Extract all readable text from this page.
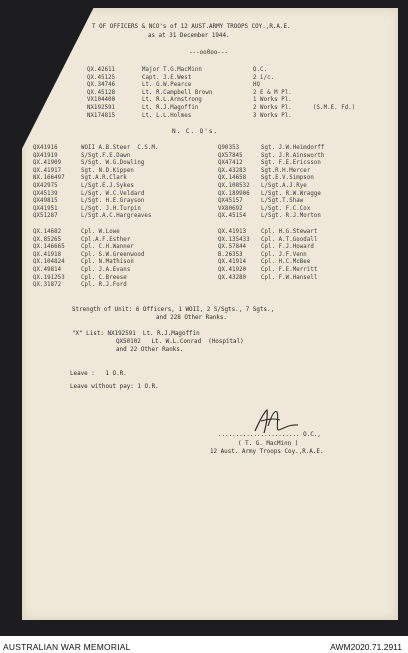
T OF OFFICERS & NCO's of 12 AUST.ARMY TROOPS COY.,R.A.E.
as at 31 December 1944.
---oo0oo---
QX.42611	Major T.G.MacMinn	O.C.
QX.45125	Capt. J.E.West	2 i/c.
QX.34746	Lt. G.W.Pearce	HQ
QX.45128	Lt. R.Campbell Brown	2 E & M Pl.
VX104400	Lt. R.L.Armstrong	1 Works Pl.
NX192591	Lt. R.J.Magoffin	2 Works Pl.	(S.M.E. Fd.)
NX174815	Lt. L.L.Holmes	3 Works Pl.
N. C. O's.
QX41916	WOII A.B.Steer  C.S.M.
QX41919	S/Sgt.F.E.Dawn
QX.41909	S/Sgt. W.G.Dowling
QX.41917	Sgt. N.D.Kippen
NX.166497	Sgt.A.R.Clark
QX42975	L/Sgt.E.J.Sykes
QX45139	L/Sgt. W.C.Veldard
QX49815	L/Sgt. H.E.Grayson
QX41951	L/Sgt. J.H.Turpin
QX51287	L/Sgt.A.C.Hargreaves
Q90353	Sgt. J.W.Heimdorff
QX57845	Sgt. J.R.Ainsworth
QX47412	Sgt. F.E.Ericsson
QX.43283	Sgt.R.H.Mercer
QX.14658	Sgt.E.V.Simpson
QX.108532 L/Sgt.A.J.Rye
QX.189906 L/Sgt. R.W.Wragge
QX45157	L/Sgt.T.Shaw
VX80692	L/Sgt. F.C.Cox
QX.45154	L/Sgt. R.J.Morton
QX.14682	Cpl. W.Lowe
QX.85265	Cpl.A.F.Esther
QX.146665	Cpl. C.H.Wanner
QX.41918	Cpl. S.W.Greenwood
QX.104824	Cpl. N.Mathison
QX.49814	Cpl. J.A.Evans
QX.191253	Cpl. C.Breese
QX.31872	Cpl. R.J.Ford
QX.41913	Cpl. H.G.Stewart
QX.135433 Cpl. A.T.Goodall
QX.57844	Cpl. F.J.Howard
B.26353	Cpl. J.F.Venn
QX.41914	Cpl. H.C.McBee
QX.41920	Cpl. F.E.Merritt
QX.43280	Cpl. F.W.Hansell
Strength of Unit: 6 Officers, 1 WOII, 2 S/Sgts., 7 Sgts.,
and 228 Other Ranks.
"X" List: NX192591  Lt. R.J.Magoffin
QX50102   Lt. W.L.Conrad  (Hospital)
and 22 Other Ranks.
Leave :   1 O.R.
Leave without pay: 1 O.R.
....................... O.C.,
( T. G. MacMinn )
12 Aust. Army Troops Coy.,R.A.E.
AUSTRALIAN WAR MEMORIAL	AWM2020.71.2911
